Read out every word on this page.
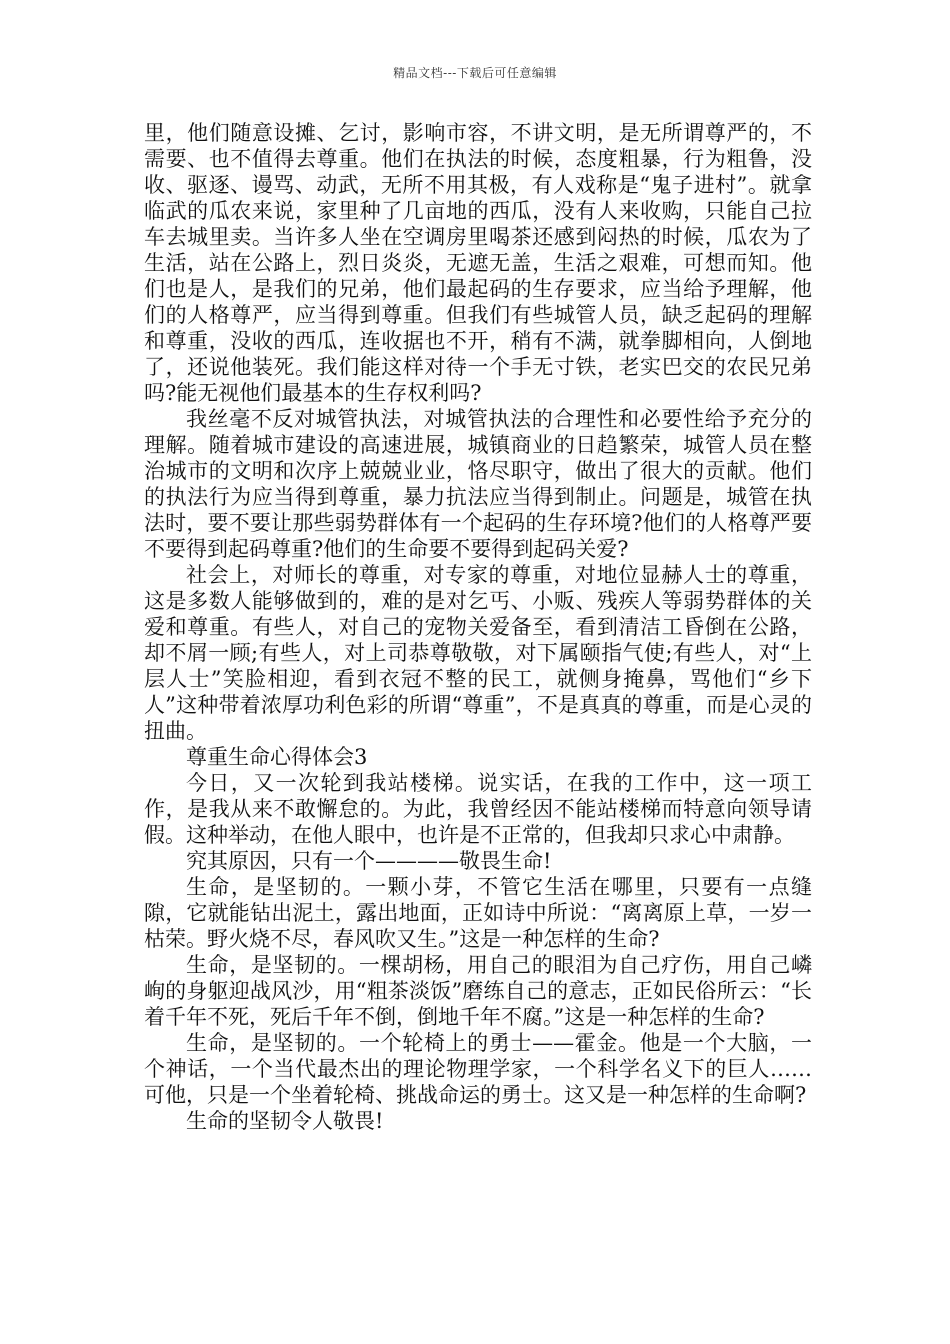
精品文档---下载后可任意编辑

里，他们随意设摊、乞讨，影响市容，不讲文明，是无所谓尊严的，不需要、也不值得去尊重。他们在执法的时候，态度粗暴，行为粗鲁，没收、驱逐、谩骂、动武，无所不用其极，有人戏称是“鬼子进村”。就拿临武的瓜农来说，家里种了几亩地的西瓜，没有人来收购，只能自己拉车去城里卖。当许多人坐在空调房里喝茶还感到闷热的时候，瓜农为了生活，站在公路上，烈日炎炎，无遮无盖，生活之艰难，可想而知。他们也是人，是我们的兄弟，他们最起码的生存要求，应当给予理解，他们的人格尊严，应当得到尊重。但我们有些城管人员，缺乏起码的理解和尊重，没收的西瓜，连收据也不开，稍有不满，就拳脚相向，人倒地了，还说他装死。我们能这样对待一个手无寸铁，老实巴交的农民兄弟吗?能无视他们最基本的生存权利吗?

我丝毫不反对城管执法，对城管执法的合理性和必要性给予充分的理解。随着城市建设的高速进展，城镇商业的日趋繁荣，城管人员在整治城市的文明和次序上兢兢业业，恪尽职守，做出了很大的贡献。他们的执法行为应当得到尊重，暴力抗法应当得到制止。问题是，城管在执法时，要不要让那些弱势群体有一个起码的生存环境?他们的人格尊严要不要得到起码尊重?他们的生命要不要得到起码关爱?

社会上，对师长的尊重，对专家的尊重，对地位显赫人士的尊重，这是多数人能够做到的，难的是对乞丐、小贩、残疾人等弱势群体的关爱和尊重。有些人，对自己的宠物关爱备至，看到清洁工昏倒在公路，却不屑一顾;有些人，对上司恭尊敬敬，对下属颐指气使;有些人，对“上层人士”笑脸相迎，看到衣冠不整的民工，就侧身掩鼻，骂他们“乡下人”这种带着浓厚功利色彩的所谓“尊重”，不是真真的尊重，而是心灵的扭曲。

尊重生命心得体会3

今日，又一次轮到我站楼梯。说实话，在我的工作中，这一项工作，是我从来不敢懈怠的。为此，我曾经因不能站楼梯而特意向领导请假。这种举动，在他人眼中，也许是不正常的，但我却只求心中肃静。

究其原因，只有一个————敬畏生命!

生命，是坚韧的。一颗小芽，不管它生活在哪里，只要有一点缝隙，它就能钻出泥土，露出地面，正如诗中所说：“离离原上草，一岁一枯荣。野火烧不尽，春风吹又生。”这是一种怎样的生命?

生命，是坚韧的。一棵胡杨，用自己的眼泪为自己疗伤，用自己嶙峋的身躯迎战风沙，用“粗茶淡饭”磨练自己的意志，正如民俗所云：“长着千年不死，死后千年不倒，倒地千年不腐。”这是一种怎样的生命?

生命，是坚韧的。一个轮椅上的勇士——霍金。他是一个大脑，一个神话，一个当代最杰出的理论物理学家，一个科学名义下的巨人……可他，只是一个坐着轮椅、挑战命运的勇士。这又是一种怎样的生命啊?

生命的坚韧令人敬畏!
